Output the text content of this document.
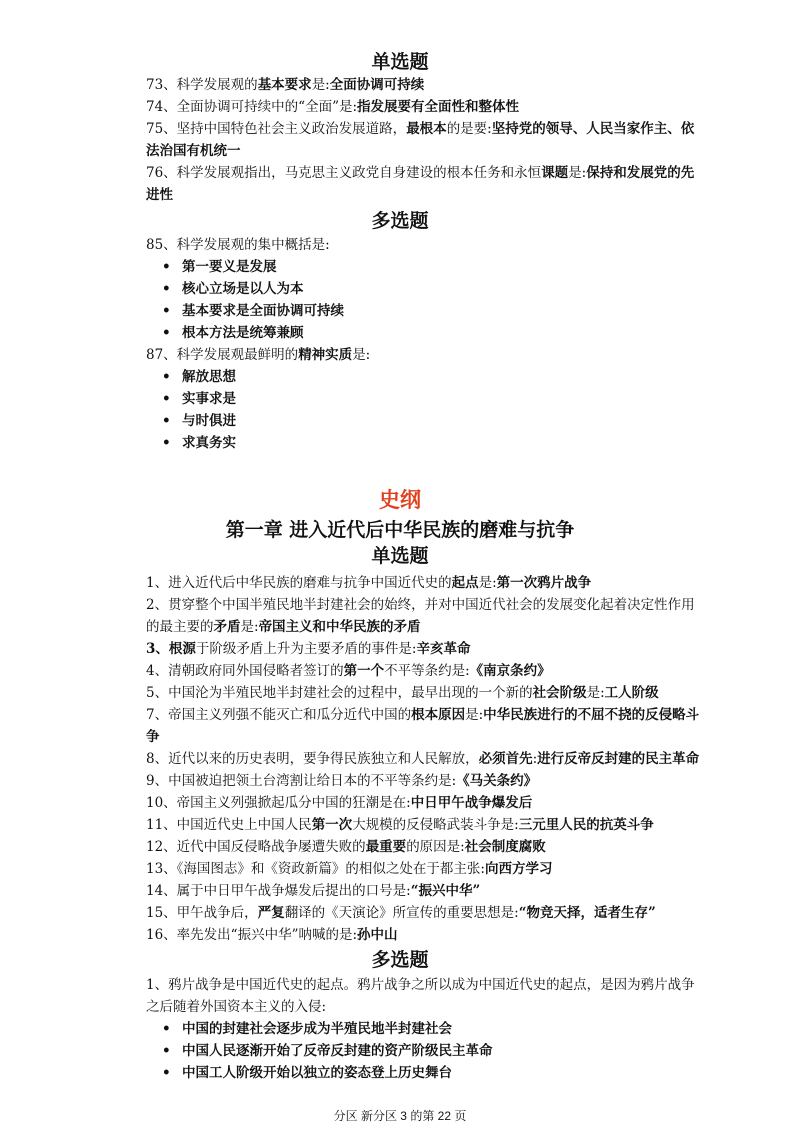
单选题
73、科学发展观的基本要求是:全面协调可持续
74、全面协调可持续中的“全面”是:指发展要有全面性和整体性
75、坚持中国特色社会主义政治发展道路，最根本的是要:坚持党的领导、人民当家作主、依
法治国有机统一
76、科学发展观指出，马克思主义政党自身建设的根本任务和永恒课题是:保持和发展党的先
进性
多选题
85、科学发展观的集中概括是:
• 第一要义是发展
• 核心立场是以人为本
• 基本要求是全面协调可持续
• 根本方法是统筹兼顾
87、科学发展观最鲜明的精神实质是:
• 解放思想
• 实事求是
• 与时俱进
• 求真务实
史纲
第一章 进入近代后中华民族的磨难与抗争
单选题
1、进入近代后中华民族的磨难与抗争中国近代史的起点是:第一次鸦片战争
2、贯穿整个中国半殖民地半封建社会的始终，并对中国近代社会的发展变化起着决定性作用
的最主要的矛盾是:帝国主义和中华民族的矛盾
3、根源于阶级矛盾上升为主要矛盾的事件是:辛亥革命
4、清朝政府同外国侵略者签订的第一个不平等条约是:《南京条约》
5、中国沦为半殖民地半封建社会的过程中，最早出现的一个新的社会阶级是:工人阶级
7、帝国主义列强不能灭亡和瓜分近代中国的根本原因是:中华民族进行的不屈不挠的反侵略斗
争
8、近代以来的历史表明，要争得民族独立和人民解放，必须首先:进行反帝反封建的民主革命
9、中国被迫把领土台湾割让给日本的不平等条约是:《马关条约》
10、帝国主义列强掀起瓜分中国的狂潮是在:中日甲午战争爆发后
11、中国近代史上中国人民第一次大规模的反侵略武装斗争是:三元里人民的抗英斗争
12、近代中国反侵略战争屡遭失败的最重要的原因是:社会制度腐败
13、《海国图志》和《资政新篇》的相似之处在于都主张:向西方学习
14、属于中日甲午战争爆发后提出的口号是:“振兴中华”
15、甲午战争后，严复翻译的《天演论》所宣传的重要思想是:“物竞天择，适者生存”
16、率先发出“振兴中华”呐喊的是:孙中山
多选题
1、鸦片战争是中国近代史的起点。鸦片战争之所以成为中国近代史的起点，是因为鸦片战争
之后随着外国资本主义的入侵:
• 中国的封建社会逐步成为半殖民地半封建社会
• 中国人民逐渐开始了反帝反封建的资产阶级民主革命
• 中国工人阶级开始以独立的姿态登上历史舞台
分区 新分区 3 的第 22 页
